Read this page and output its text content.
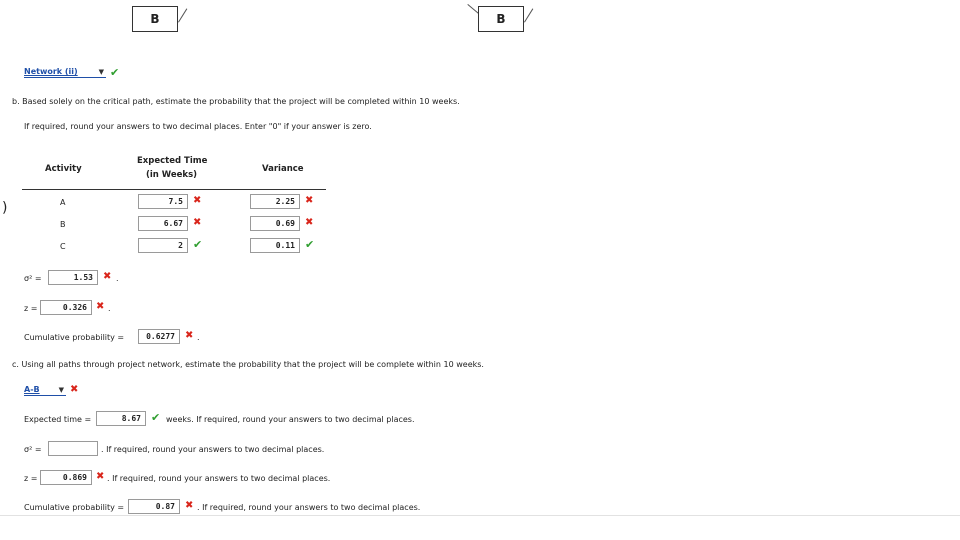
B	B
)
Network (ii)	▼ ✔
b. Based solely on the critical path, estimate the probability that the project will be completed within 10 weeks.
If required, round your answers to two decimal places. Enter "0" if your answer is zero.
Activity
Expected Time
(in Weeks)
Variance
A	7.5	✖	2.25	✖
B	6.67	✖	0.69	✖
C	2 ✔	0.11 ✔
σ² =	1.53	✖ .
z =	0.326 ✖ .
Cumulative probability =	0.6277	✖ .
c. Using all paths through project network, estimate the probability that the project will be complete within 10 weeks.
A-B	▼ ✖
Expected time =	8.67 ✔ weeks. If required, round your answers to two decimal places.
σ² =	. If required, round your answers to two decimal places.
z =	0.869 ✖ . If required, round your answers to two decimal places.
Cumulative probability =	0.87	✖ . If required, round your answers to two decimal places.
